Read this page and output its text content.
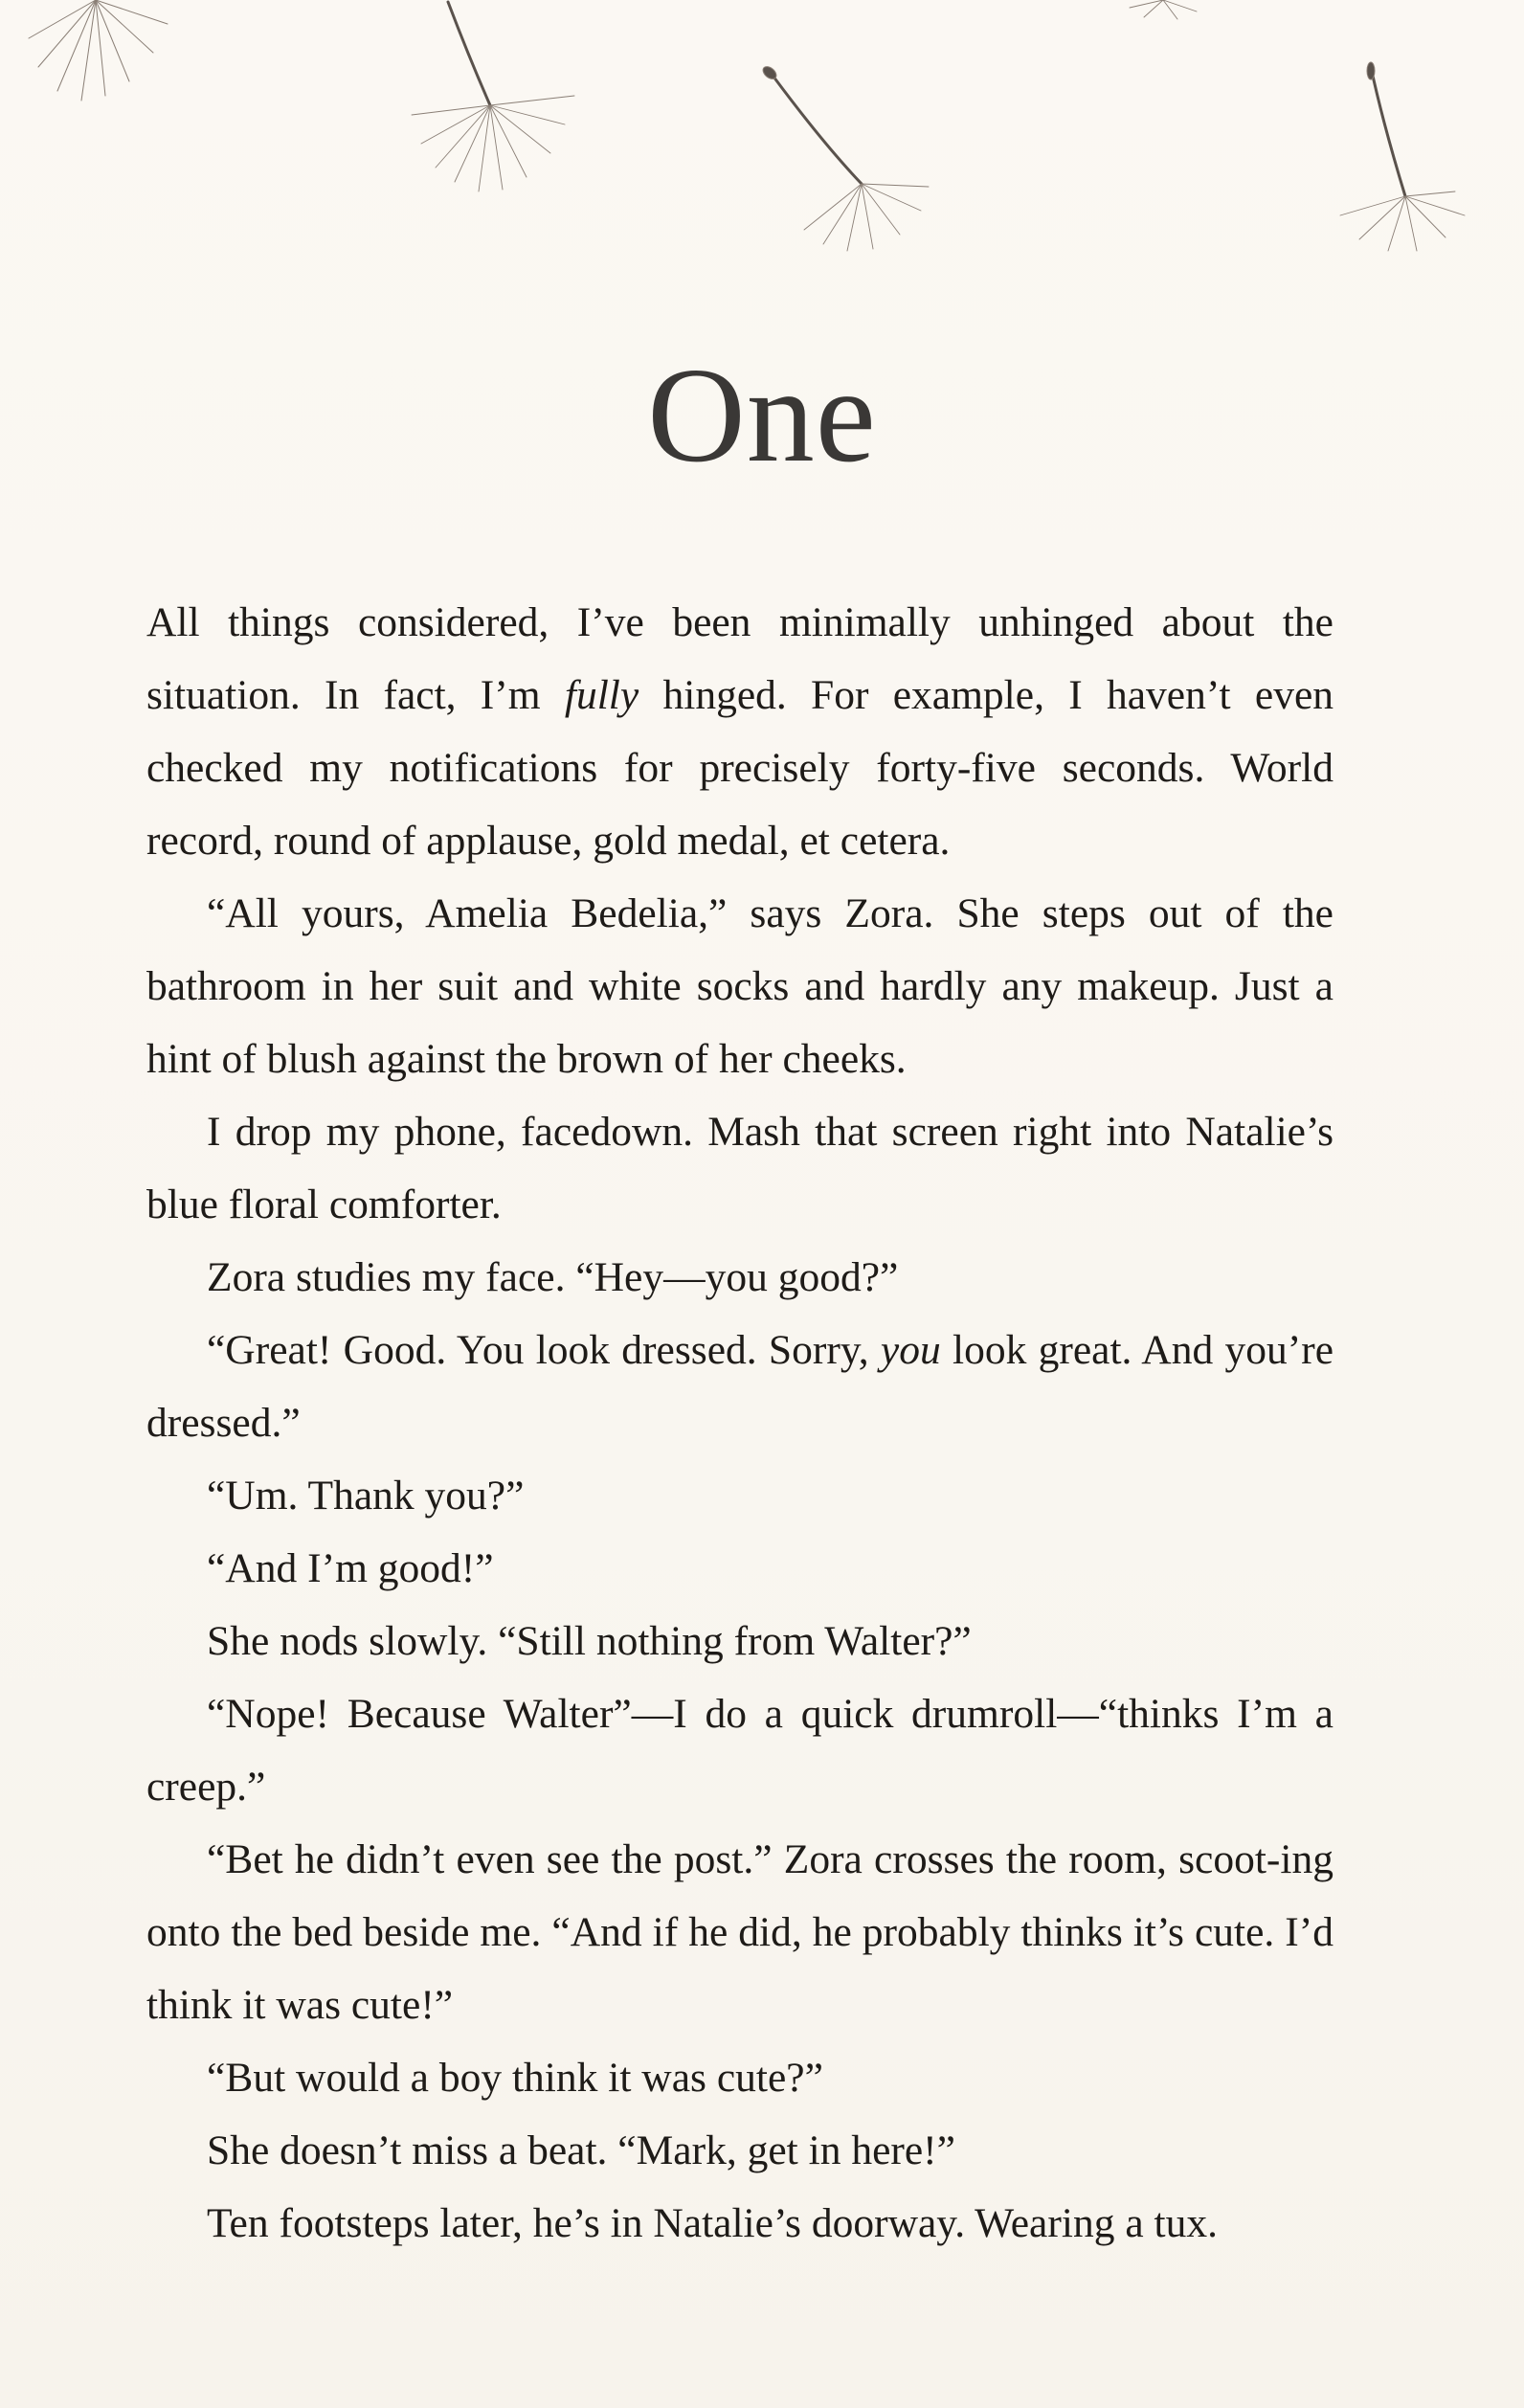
One

All things considered, I’ve been minimally unhinged about the situation. In fact, I’m fully hinged. For example, I haven’t even checked my notifications for precisely forty-five seconds. World record, round of applause, gold medal, et cetera.

“All yours, Amelia Bedelia,” says Zora. She steps out of the bathroom in her suit and white socks and hardly any makeup. Just a hint of blush against the brown of her cheeks.

I drop my phone, facedown. Mash that screen right into Natalie’s blue floral comforter.

Zora studies my face. “Hey—you good?”

“Great! Good. You look dressed. Sorry, you look great. And you’re dressed.”

“Um. Thank you?”

“And I’m good!”

She nods slowly. “Still nothing from Walter?”

“Nope! Because Walter”—I do a quick drumroll—“thinks I’m a creep.”

“Bet he didn’t even see the post.” Zora crosses the room, scoot-ing onto the bed beside me. “And if he did, he probably thinks it’s cute. I’d think it was cute!”

“But would a boy think it was cute?”

She doesn’t miss a beat. “Mark, get in here!”

Ten footsteps later, he’s in Natalie’s doorway. Wearing a tux.
